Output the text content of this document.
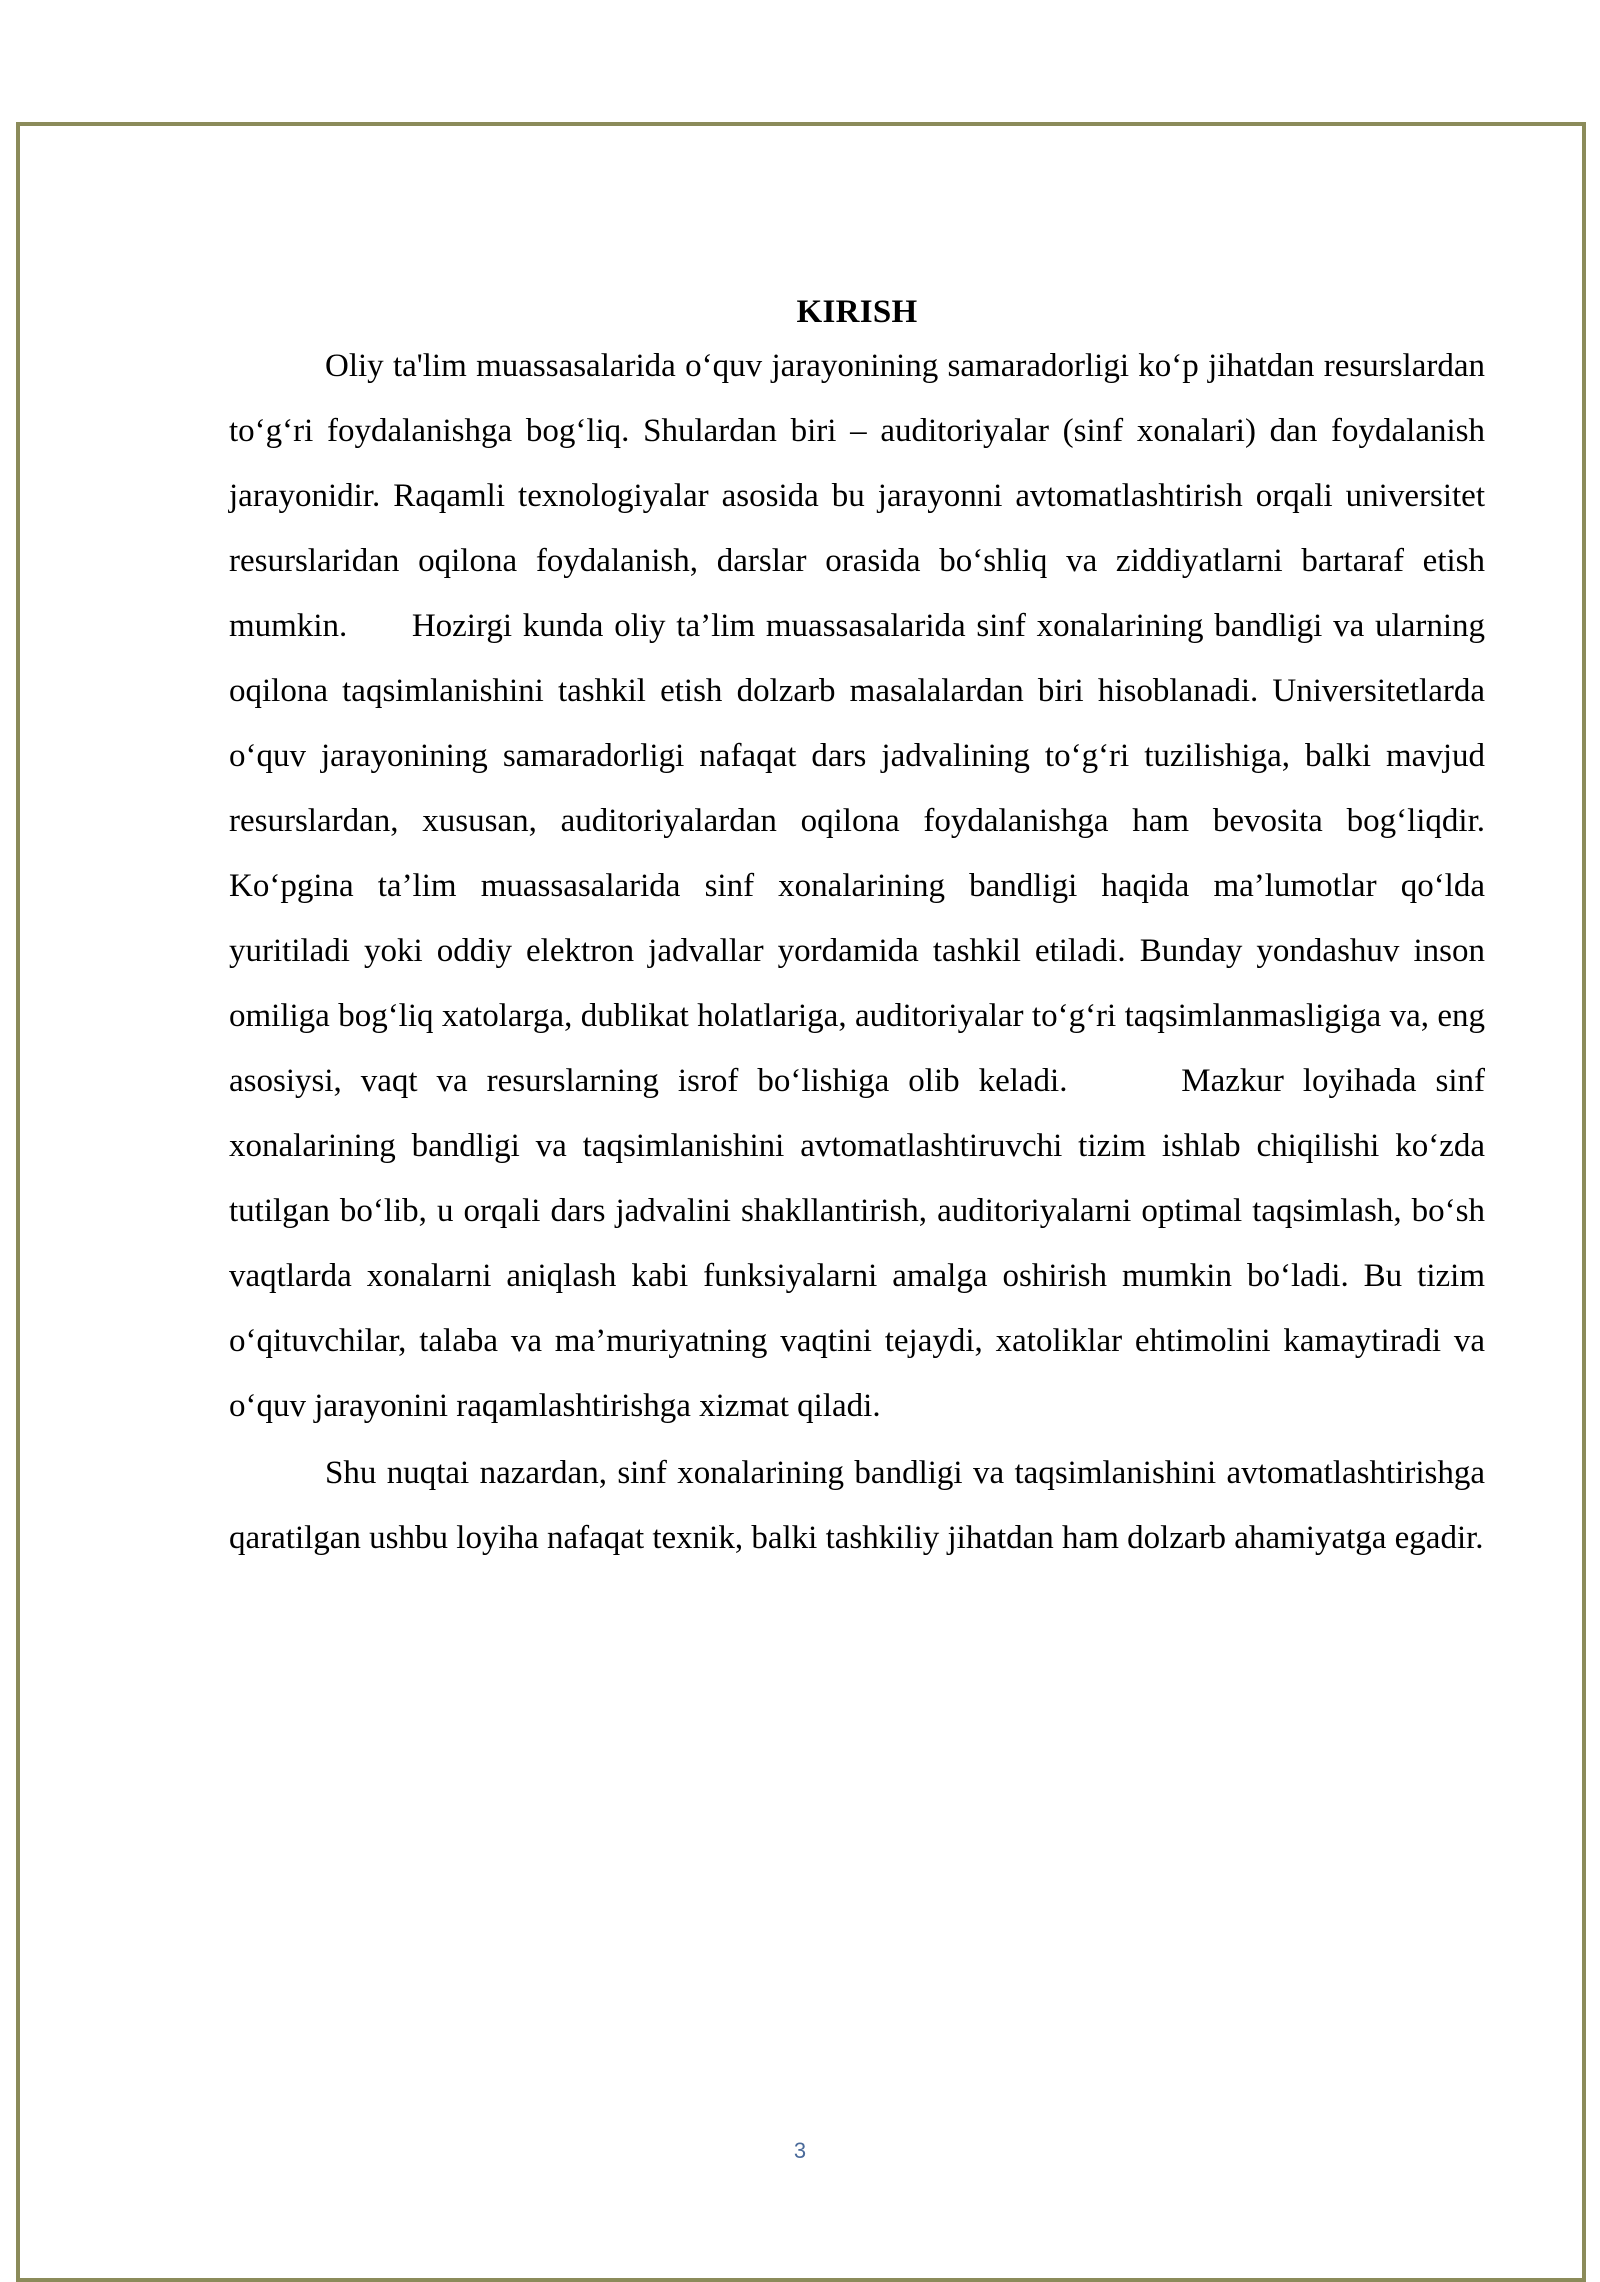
KIRISH

Oliy ta'lim muassasalarida o‘quv jarayonining samaradorligi ko‘p jihatdan resurslardan to‘g‘ri foydalanishga bog‘liq. Shulardan biri – auditoriyalar (sinf xonalari) dan foydalanish jarayonidir. Raqamli texnologiyalar asosida bu jarayonni avtomatlashtirish orqali universitet resurslaridan oqilona foydalanish, darslar orasida bo‘shliq va ziddiyatlarni bartaraf etish mumkin.      Hozirgi kunda oliy ta’lim muassasalarida sinf xonalarining bandligi va ularning oqilona taqsimlanishini tashkil etish dolzarb masalalardan biri hisoblanadi. Universitetlarda o‘quv jarayonining samaradorligi nafaqat dars jadvalining to‘g‘ri tuzilishiga, balki mavjud resurslardan, xususan, auditoriyalardan oqilona foydalanishga ham bevosita bog‘liqdir. Ko‘pgina ta’lim muassasalarida sinf xonalarining bandligi haqida ma’lumotlar qo‘lda yuritiladi yoki oddiy elektron jadvallar yordamida tashkil etiladi. Bunday yondashuv inson omiliga bog‘liq xatolarga, dublikat holatlariga, auditoriyalar to‘g‘ri taqsimlanmasligiga va, eng asosiysi, vaqt va resurslarning isrof bo‘lishiga olib keladi.      Mazkur loyihada sinf xonalarining bandligi va taqsimlanishini avtomatlashtiruvchi tizim ishlab chiqilishi ko‘zda tutilgan bo‘lib, u orqali dars jadvalini shakllantirish, auditoriyalarni optimal taqsimlash, bo‘sh vaqtlarda xonalarni aniqlash kabi funksiyalarni amalga oshirish mumkin bo‘ladi. Bu tizim o‘qituvchilar, talaba va ma’muriyatning vaqtini tejaydi, xatoliklar ehtimolini kamaytiradi va o‘quv jarayonini raqamlashtirishga xizmat qiladi.

Shu nuqtai nazardan, sinf xonalarining bandligi va taqsimlanishini avtomatlashtirishga qaratilgan ushbu loyiha nafaqat texnik, balki tashkiliy jihatdan ham dolzarb ahamiyatga egadir.

3
